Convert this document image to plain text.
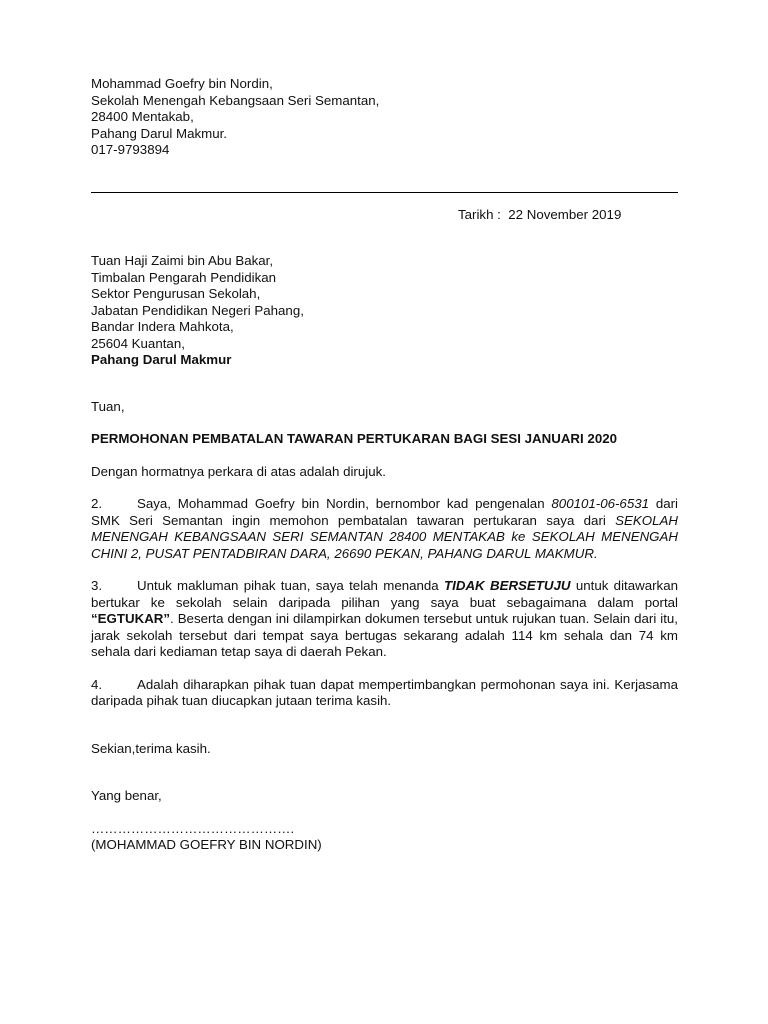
Mohammad Goefry bin Nordin,

Sekolah Menengah Kebangsaan Seri Semantan,

28400 Mentakab,

Pahang Darul Makmur.

017-9793894

Tarikh : 22 November 2019

Tuan Haji Zaimi bin Abu Bakar,

Timbalan Pengarah Pendidikan

Sektor Pengurusan Sekolah,

Jabatan Pendidikan Negeri Pahang,

Bandar Indera Mahkota,

25604 Kuantan,

Pahang Darul Makmur

Tuan,

PERMOHONAN PEMBATALAN TAWARAN PERTUKARAN BAGI SESI JANUARI 2020

Dengan hormatnya perkara di atas adalah dirujuk.

2.	Saya, Mohammad Goefry bin Nordin, bernombor kad pengenalan 800101-06-6531 dari SMK Seri Semantan ingin memohon pembatalan tawaran pertukaran saya dari SEKOLAH MENENGAH KEBANGSAAN SERI SEMANTAN 28400 MENTAKAB ke SEKOLAH MENENGAH CHINI 2, PUSAT PENTADBIRAN DARA, 26690 PEKAN, PAHANG DARUL MAKMUR.

3.	Untuk makluman pihak tuan, saya telah menanda TIDAK BERSETUJU untuk ditawarkan bertukar ke sekolah selain daripada pilihan yang saya buat sebagaimana dalam portal “EGTUKAR”. Beserta dengan ini dilampirkan dokumen tersebut untuk rujukan tuan. Selain dari itu, jarak sekolah tersebut dari tempat saya bertugas sekarang adalah 114 km sehala dan 74 km sehala dari kediaman tetap saya di daerah Pekan.

4.	Adalah diharapkan pihak tuan dapat mempertimbangkan permohonan saya ini. Kerjasama daripada pihak tuan diucapkan jutaan terima kasih.

Sekian,terima kasih.

Yang benar,

……………………………………….

(MOHAMMAD GOEFRY BIN NORDIN)
